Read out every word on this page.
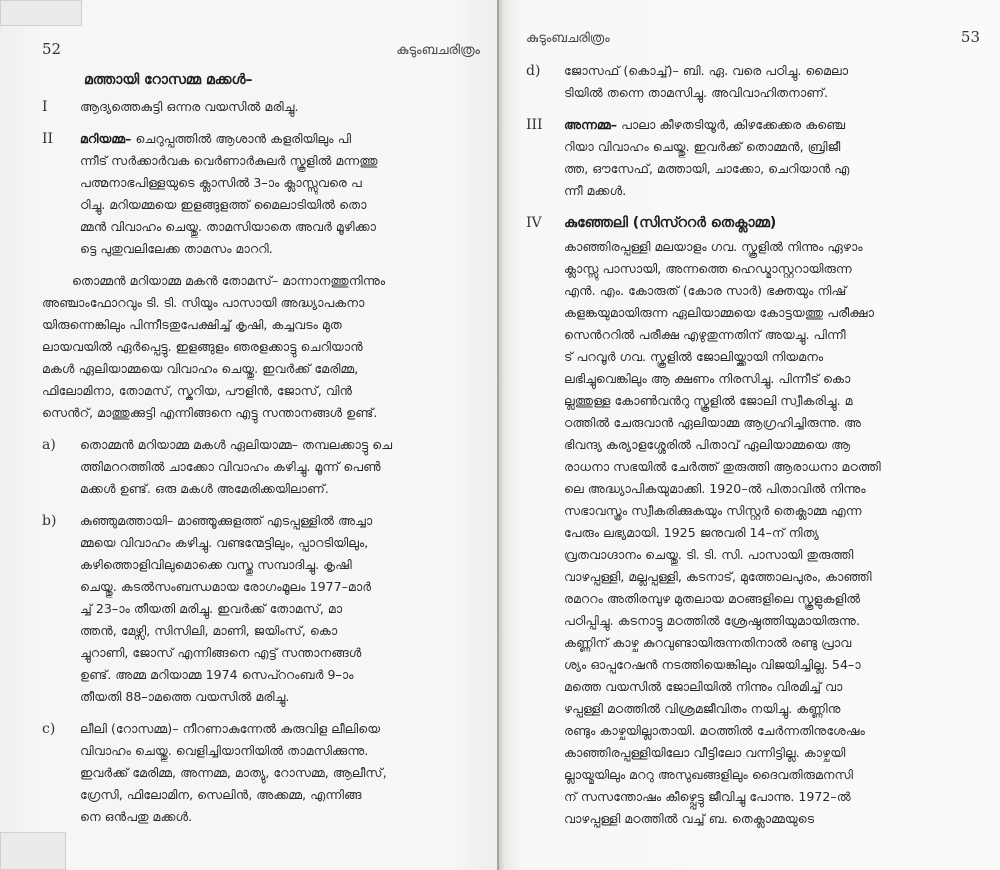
52	കുടുംബചരിത്രം
മത്തായി റോസമ്മ മക്കൾ–
I	ആദ്യത്തെകുട്ടി ഒന്നര വയസിൽ മരിച്ചു.
II	മറിയമ്മ– ചെറുപ്പത്തിൽ ആശാൻ കളരിയിലും പി
ന്നീട് സർക്കാർവക വെർണാർകുലർ സ്കൂളിൽ മന്നത്തു
പത്മനാഭപിള്ളയുടെ ക്ലാസിൽ 3–ാം ക്ലാസ്സുവരെ പ
ഠിച്ചു. മറിയമ്മയെ ഇളങ്ങുളത്ത് മൈലാടിയിൽ തൊ
മ്മൻ വിവാഹം ചെയ്തു. താമസിയാതെ അവർ മൂഴിക്കാ
ട്ടെ പുതുവലിലേക്ക താമസം മാററി.
തൊമ്മൻ മറിയാമ്മ മകൻ തോമസ്– മാന്നാനത്തുനിന്നും
അഞ്ചാംഫോറവും ടി. ടി. സിയും പാസായി അദ്ധ്യാപകനാ
യിരുന്നെങ്കിലും പിന്നീടതുപേക്ഷിച്ച് കൃഷി, കച്ചവടം മുത
ലായവയിൽ ഏർപ്പെട്ടു. ഇളങ്ങുളം ഞരളക്കാട്ടു ചെറിയാൻ
മകൾ ഏലിയാമ്മയെ വിവാഹം ചെയ്തു. ഇവർക്ക് മേരിമ്മ,
ഫിലോമിനാ, തോമസ്, സ്കറിയ, പൗളിൻ, ജോസ്, വിൻ
സെൻറ്, മാത്തുക്കുട്ടി എന്നിങ്ങനെ എട്ടു സന്താനങ്ങൾ ഉണ്ട്.
a)	തൊമ്മൻ മറിയാമ്മ മകൾ ഏലിയാമ്മ– തമ്പലക്കാട്ടു ചെ
ത്തിമററത്തിൽ ചാക്കോ വിവാഹം കഴിച്ചു. മൂന്ന് പെൺ
മക്കൾ ഉണ്ട്. ഒരു മകൾ അമേരിക്കയിലാണ്.
b)	കുഞ്ഞുമത്തായി– മാഞ്ഞൂക്കുളത്ത് എടപ്പള്ളിൽ അച്ചാ
മ്മയെ വിവാഹം കഴിച്ചു. വണ്ടന്മേട്ടിലും, പ്പാറടിയിലും,
കഴിത്തൊളിവിലുമൊക്കെ വസ്തു സമ്പാദിച്ചു. കൃഷി
ചെയ്തു. കടൽസംബന്ധമായ രോഗംമൂലം 1977–മാർ
ച്ച് 23–ാം തീയതി മരിച്ചു. ഇവർക്ക് തോമസ്, മാ
ത്തൻ, മേഴ്സി, സിസിലി, മാണി, ജയിംസ്, കൊ
ച്ചുറാണി, ജോസ് എന്നിങ്ങനെ എട്ട് സന്താനങ്ങൾ
ഉണ്ട്. അമ്മ മറിയാമ്മ 1974 സെപ്ററംബർ 9–ാം
തീയതി 88–ാമത്തെ വയസിൽ മരിച്ചു.
c)	ലീലി (റോസമ്മ)– നീറണാകുന്നേൽ കുരുവിള ലീലിയെ
വിവാഹം ചെയ്തു. വെളിച്ചിയാനിയിൽ താമസിക്കുന്നു.
ഇവർക്ക് മേരിമ്മ, അന്നമ്മ, മാത്യു, റോസമ്മ, ആലീസ്,
ഗ്രേസി, ഫിലോമിന, സെലിൻ, അക്കമ്മ, എന്നിങ്ങ
നെ ഒൻപതു മക്കൾ.
കുടുംബചരിത്രം	53
d)	ജോസഫ് (കൊച്ച്)– ബി. ഏ. വരെ പഠിച്ചു. മൈലാ
ടിയിൽ തന്നെ താമസിച്ചു. അവിവാഹിതനാണ്.
III	അന്നമ്മ– പാലാ കീഴതടിയൂർ, കിഴക്കേക്കര കഞ്ചെ
റിയാ വിവാഹം ചെയ്തു. ഇവർക്ക് തൊമ്മൻ, ബ്രിജീ
ത്ത, ഔസേഫ്, മത്തായി, ചാക്കോ, ചെറിയാൻ എ
ന്നീ മക്കൾ.
IV	കുഞ്ഞേലി (സിസ്ററർ തെക്ലാമ്മ)
കാഞ്ഞിരപ്പള്ളി മലയാളം ഗവ. സ്കൂളിൽ നിന്നും ഏഴാം
ക്ലാസ്സു പാസായി, അന്നത്തെ ഹെഡ്മാസ്റ്ററായിരുന്ന
എൻ. എം. കോരുത് (കോര സാർ) ഭക്തയും നിഷ്
കളങ്കയുമായിരുന്ന ഏലിയാമ്മയെ കോട്ടയത്തു പരീക്ഷാ
സെൻററിൽ പരീക്ഷ എഴുതുന്നതിന് അയച്ചു. പിന്നീ
ട് പറവൂർ ഗവ. സ്കൂളിൽ ജോലിയ്ക്കായി നിയമനം
ലഭിച്ചുവെങ്കിലും ആ ക്ഷണം നിരസിച്ചു. പിന്നീട് കൊ
ല്ലത്തുള്ള കോൺവൻറു സ്കൂളിൽ ജോലി സ്വീകരിച്ചു. മ
ഠത്തിൽ ചേരുവാൻ ഏലിയാമ്മ ആഗ്രഹിച്ചിരുന്നു. അ
ഭിവന്ദ്യ കര്യാളശ്ശേരിൽ പിതാവ് ഏലിയാമ്മയെ ആ
രാധനാ സഭയിൽ ചേർത്ത് തുരുത്തി ആരാധനാ മഠത്തി
ലെ അദ്ധ്യാപികയുമാക്കി. 1920–ൽ പിതാവിൽ നിന്നും
സഭാവസ്ത്രം സ്വീകരിക്കുകയും സിസ്റ്റർ തെക്ലാമ്മ എന്ന
പേരും ലഭ്യമായി. 1925 ജനുവരി 14–ന് നിത്യ
വ്രതവാഗ്ദാനം ചെയ്തു. ടി. ടി. സി. പാസായി തുരുത്തി
വാഴപ്പള്ളി, മല്ലപ്പള്ളി, കടനാട്, മുത്തോലപുരം, കാഞ്ഞി
രമററം അതിരമ്പുഴ മുതലായ മഠങ്ങളിലെ സ്കൂളുകളിൽ
പഠിപ്പിച്ചു. കടനാട്ടു മഠത്തിൽ ശ്രേഷ്ഠത്തിയുമായിരുന്നു.
കണ്ണിന് കാഴ്ച കുറവുണ്ടായിരുന്നതിനാൽ രണ്ടു പ്രാവ
ശ്യം ഓപ്പറേഷൻ നടത്തിയെങ്കിലും വിജയിച്ചില്ല. 54–ാ
മത്തെ വയസിൽ ജോലിയിൽ നിന്നും വിരമിച്ച് വാ
ഴപ്പള്ളി മഠത്തിൽ വിശ്രമജീവിതം നയിച്ചു. കണ്ണിനു
രണ്ടും കാഴ്ചയില്ലാതായി. മഠത്തിൽ ചേർന്നതിനുശേഷം
കാഞ്ഞിരപ്പള്ളിയിലോ വീട്ടിലോ വന്നിട്ടില്ല. കാഴ്ചയി
ല്ലായ്മയിലും മററു അസുഖങ്ങളിലും ദൈവതിരുമനസി
ന് സസന്തോഷം കീഴ്പ്പെട്ടു ജീവിച്ചു പോന്നു. 1972–ൽ
വാഴപ്പള്ളി മഠത്തിൽ വച്ച് ബ. തെക്ലാമ്മയുടെ
